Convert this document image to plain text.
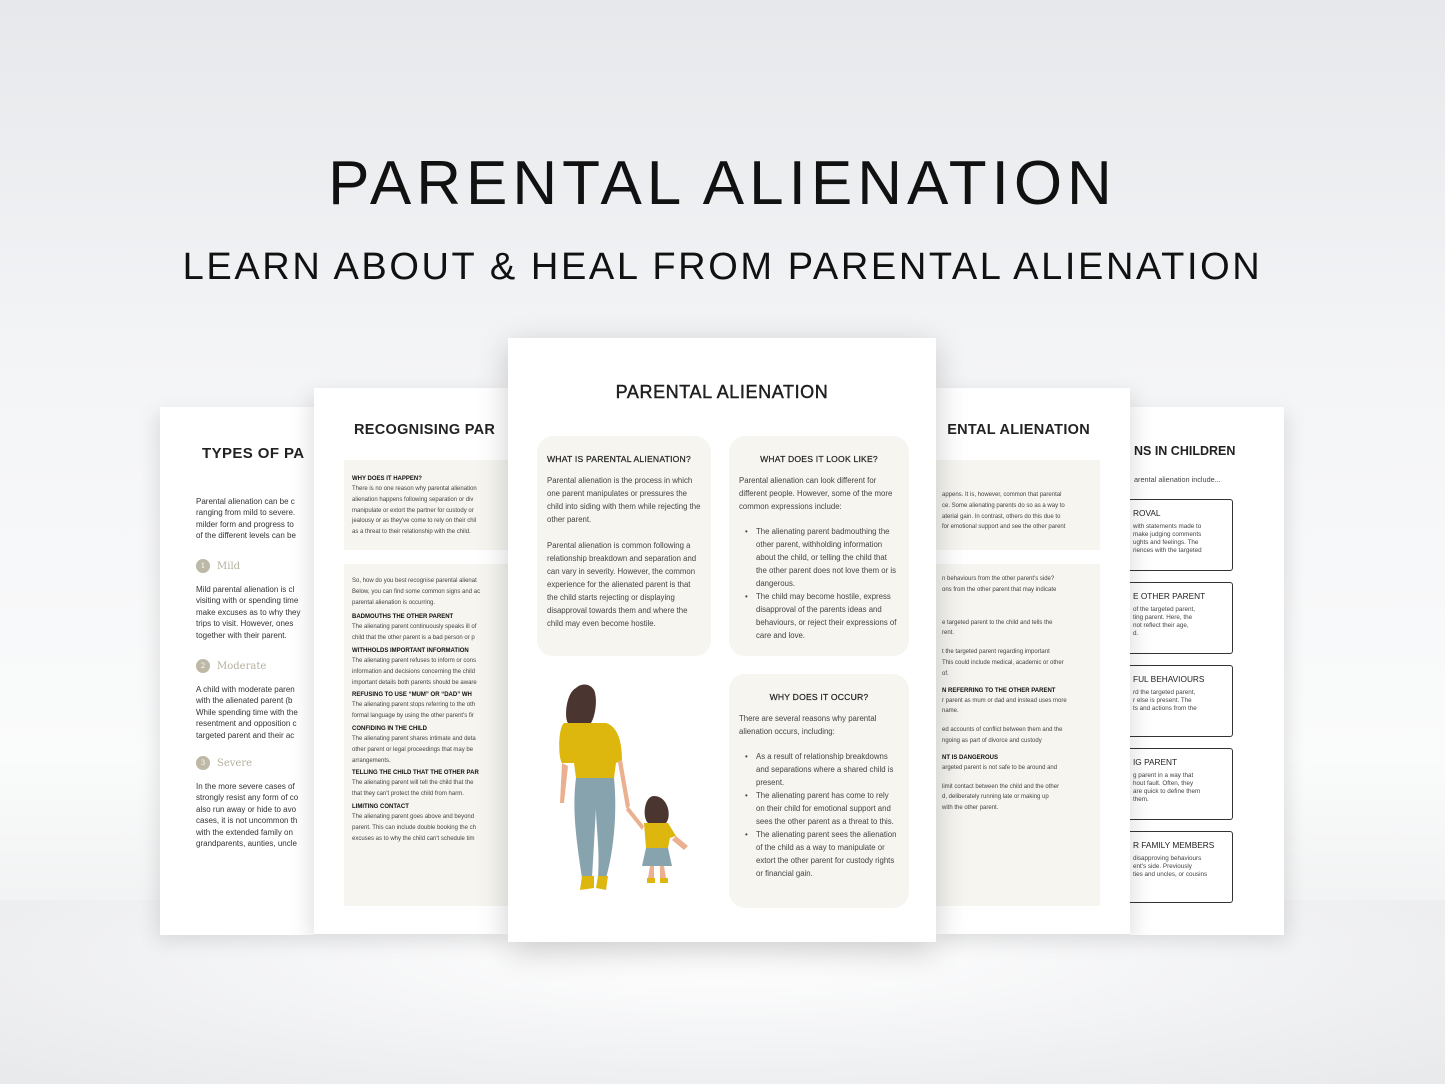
PARENTAL ALIENATION
LEARN ABOUT & HEAL FROM PARENTAL ALIENATION
TYPES OF PA
Parental alienation can be c
ranging from mild to severe.
milder form and progress to
of the different levels can be
1	Mild
Mild parental alienation is cl
visiting with or spending time
make excuses as to why they
trips to visit. However, ones
together with their parent.
2	Moderate
A child with moderate paren
with the alienated parent (b
While spending time with the
resentment and opposition c
targeted parent and their ac
3	Severe
In the more severe cases of
strongly resist any form of co
also run away or hide to avo
cases, it is not uncommon th
with the extended family on
grandparents, aunties, uncle
NS IN CHILDREN
arental alienation include...
ROVAL
with statements made to
make judging comments
ughts and feelings. The
riences with the targeted
E OTHER PARENT
of the targeted parent,
ting parent. Here, the
not reflect their age,
d.
FUL BEHAVIOURS
rd the targeted parent,
r else is present. The
ts and actions from the
IG PARENT
g parent in a way that
hout fault. Often, they
are quick to define them
them.
R FAMILY MEMBERS
disapproving behaviours
ent's side. Previously
ties and uncles, or cousins
RECOGNISING PAR
WHY DOES IT HAPPEN?
There is no one reason why parental alienation
alienation happens following separation or div
manipulate or extort the partner for custody or
jealousy or as they've come to rely on their chil
as a threat to their relationship with the child.
So, how do you best recognise parental alienat
Below, you can find some common signs and ac
parental alienation is occurring.
BADMOUTHS THE OTHER PARENT
The alienating parent continuously speaks ill of
child that the other parent is a bad person or p
WITHHOLDS IMPORTANT INFORMATION
The alienating parent refuses to inform or cons
information and decisions concerning the child
important details both parents should be aware
REFUSING TO USE “MUM” OR “DAD” WH
The alienating parent stops referring to the oth
formal language by using the other parent's fir
CONFIDING IN THE CHILD
The alienating parent shares intimate and deta
other parent or legal proceedings that may be
arrangements.
TELLING THE CHILD THAT THE OTHER PAR
The alienating parent will tell the child that the
that they can't protect the child from harm.
LIMITING CONTACT
The alienating parent goes above and beyond
parent. This can include double booking the ch
excuses as to why the child can't schedule tim
ENTAL ALIENATION
appens. It is, however, common that parental
ce. Some alienating parents do so as a way to
aterial gain. In contrast, others do this due to
for emotional support and see the other parent
n behaviours from the other parent's side?
ons from the other parent that may indicate
e targeted parent to the child and tells the
rent.
t the targeted parent regarding important
This could include medical, academic or other
of.
N REFERRING TO THE OTHER PARENT
r parent as mum or dad and instead uses more
name.
ed accounts of conflict between them and the
ngoing as part of divorce and custody
NT IS DANGEROUS
argeted parent is not safe to be around and
limit contact between the child and the other
d, deliberately running late or making up
with the other parent.
PARENTAL ALIENATION
WHAT IS PARENTAL ALIENATION?

Parental alienation is the process in which one parent manipulates or pressures the child into siding with them while rejecting the other parent.

Parental alienation is common following a relationship breakdown and separation and can vary in severity. However, the common experience for the alienated parent is that the child starts rejecting or displaying disapproval towards them and where the child may even become hostile.

WHAT DOES IT LOOK LIKE?

Parental alienation can look different for different people. However, some of the more common expressions include:

• The alienating parent badmouthing the other parent, withholding information about the child, or telling the child that the other parent does not love them or is dangerous.
• The child may become hostile, express disapproval of the parents ideas and behaviours, or reject their expressions of care and love.
WHY DOES IT OCCUR?

There are several reasons why parental alienation occurs, including:

• As a result of relationship breakdowns and separations where a shared child is present.
• The alienating parent has come to rely on their child for emotional support and sees the other parent as a threat to this.
• The alienating parent sees the alienation of the child as a way to manipulate or extort the other parent for custody rights or financial gain.
